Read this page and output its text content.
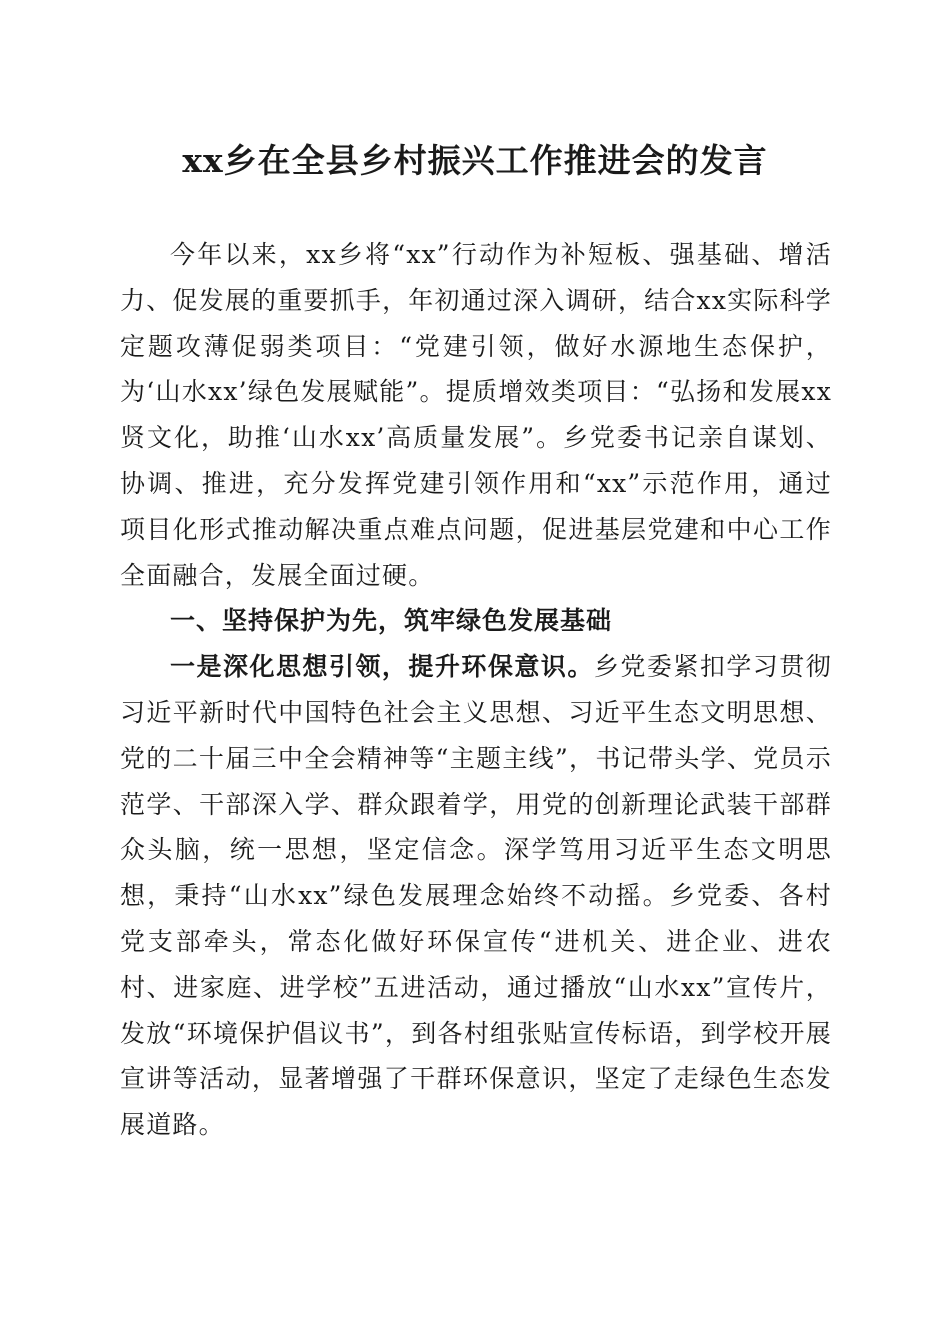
xx乡在全县乡村振兴工作推进会的发言

今年以来，xx乡将“xx”行动作为补短板、强基础、增活力、促发展的重要抓手，年初通过深入调研，结合xx实际科学定题攻薄促弱类项目：“党建引领，做好水源地生态保护，为‘山水xx’绿色发展赋能”。提质增效类项目：“弘扬和发展xx贤文化，助推‘山水xx’高质量发展”。乡党委书记亲自谋划、协调、推进，充分发挥党建引领作用和“xx”示范作用，通过项目化形式推动解决重点难点问题，促进基层党建和中心工作全面融合，发展全面过硬。

一、坚持保护为先，筑牢绿色发展基础

一是深化思想引领，提升环保意识。乡党委紧扣学习贯彻习近平新时代中国特色社会主义思想、习近平生态文明思想、党的二十届三中全会精神等“主题主线”，书记带头学、党员示范学、干部深入学、群众跟着学，用党的创新理论武装干部群众头脑，统一思想，坚定信念。深学笃用习近平生态文明思想，秉持“山水xx”绿色发展理念始终不动摇。乡党委、各村党支部牵头，常态化做好环保宣传“进机关、进企业、进农村、进家庭、进学校”五进活动，通过播放“山水xx”宣传片，发放“环境保护倡议书”，到各村组张贴宣传标语，到学校开展宣讲等活动，显著增强了干群环保意识，坚定了走绿色生态发展道路。
